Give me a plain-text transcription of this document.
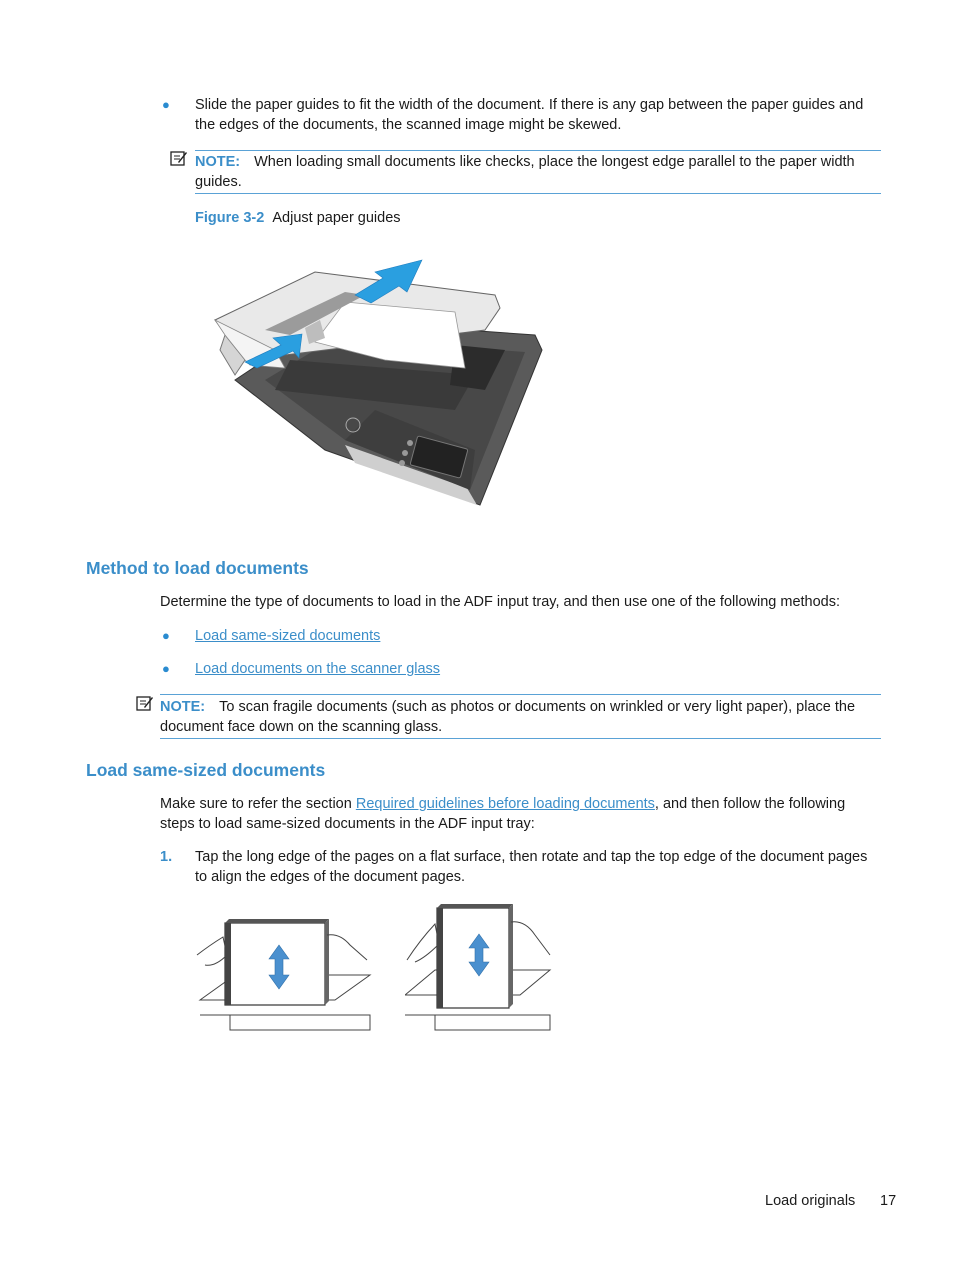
● Slide the paper guides to fit the width of the document. If there is any gap between the paper guides and the edges of the documents, the scanned image might be skewed.
NOTE: When loading small documents like checks, place the longest edge parallel to the paper width guides.
Figure 3-2 Adjust paper guides
Method to load documents
Determine the type of documents to load in the ADF input tray, and then use one of the following methods:
● Load same-sized documents
● Load documents on the scanner glass
NOTE: To scan fragile documents (such as photos or documents on wrinkled or very light paper), place the document face down on the scanning glass.
Load same-sized documents
Make sure to refer the section Required guidelines before loading documents, and then follow the following steps to load same-sized documents in the ADF input tray:
1. Tap the long edge of the pages on a flat surface, then rotate and tap the top edge of the document pages to align the edges of the document pages.
Load originals 17
